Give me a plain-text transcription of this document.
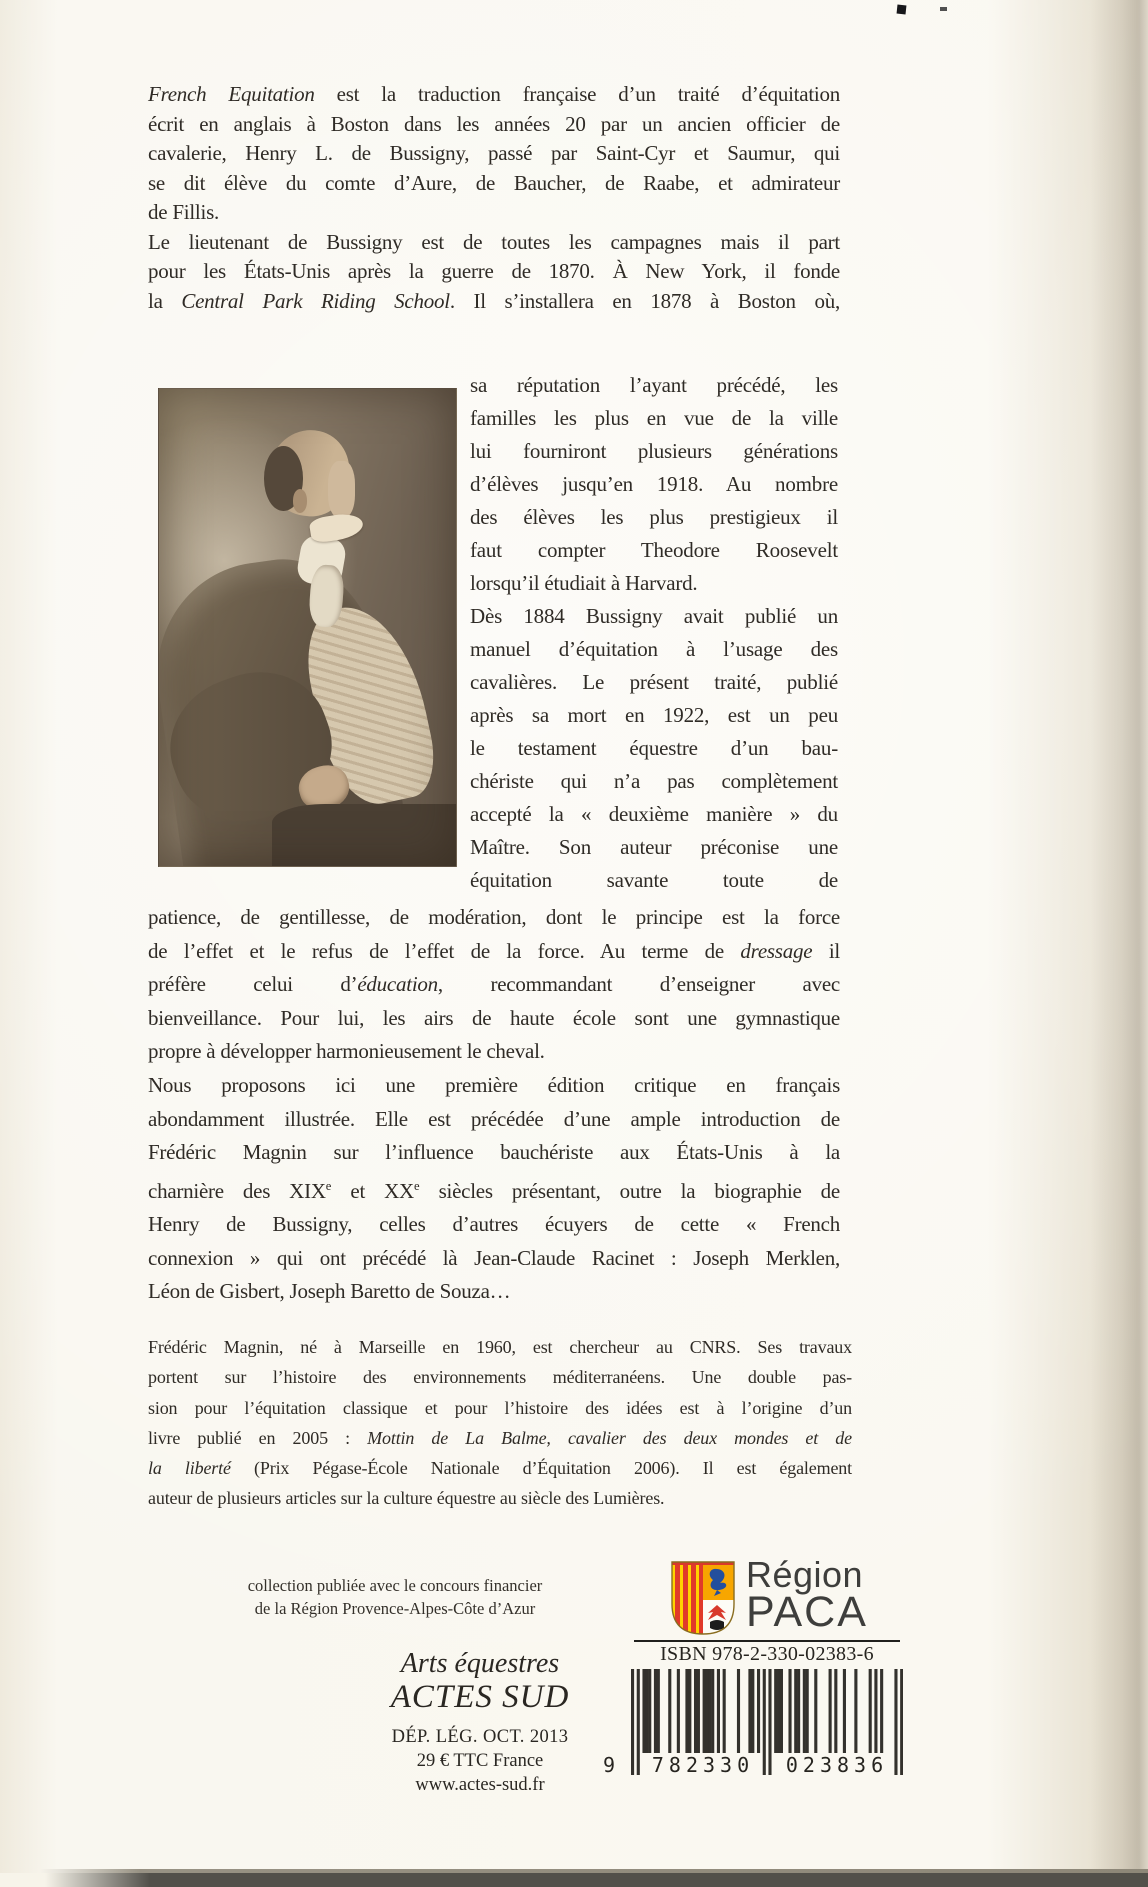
French Equitation est la traduction française d’un traité d’équitation
écrit en anglais à Boston dans les années 20 par un ancien officier de
cavalerie, Henry L. de Bussigny, passé par Saint-Cyr et Saumur, qui
se dit élève du comte d’Aure, de Baucher, de Raabe, et admirateur
de Fillis.
Le lieutenant de Bussigny est de toutes les campagnes mais il part
pour les États-Unis après la guerre de 1870. À New York, il fonde
la Central Park Riding School. Il s’installera en 1878 à Boston où,
sa réputation l’ayant précédé, les
familles les plus en vue de la ville
lui fourniront plusieurs générations
d’élèves jusqu’en 1918. Au nombre
des élèves les plus prestigieux il
faut compter Theodore Roosevelt
lorsqu’il étudiait à Harvard.
Dès 1884 Bussigny avait publié un
manuel d’équitation à l’usage des
cavalières. Le présent traité, publié
après sa mort en 1922, est un peu
le testament équestre d’un bau-
chériste qui n’a pas complètement
accepté la « deuxième manière » du
Maître. Son auteur préconise une
équitation savante toute de
patience, de gentillesse, de modération, dont le principe est la force
de l’effet et le refus de l’effet de la force. Au terme de dressage il
préfère celui d’éducation, recommandant d’enseigner avec
bienveillance. Pour lui, les airs de haute école sont une gymnastique
propre à développer harmonieusement le cheval.
Nous proposons ici une première édition critique en français
abondamment illustrée. Elle est précédée d’une ample introduction de
Frédéric Magnin sur l’influence bauchériste aux États-Unis à la
charnière des XIXe et XXe siècles présentant, outre la biographie de
Henry de Bussigny, celles d’autres écuyers de cette « French
connexion » qui ont précédé là Jean-Claude Racinet : Joseph Merklen,
Léon de Gisbert, Joseph Baretto de Souza…
Frédéric Magnin, né à Marseille en 1960, est chercheur au CNRS. Ses travaux
portent sur l’histoire des environnements méditerranéens. Une double pas-
sion pour l’équitation classique et pour l’histoire des idées est à l’origine d’un
livre publié en 2005 : Mottin de La Balme, cavalier des deux mondes et de
la liberté (Prix Pégase-École Nationale d’Équitation 2006). Il est également
auteur de plusieurs articles sur la culture équestre au siècle des Lumières.
collection publiée avec le concours financier
de la Région Provence-Alpes-Côte d’Azur
Région
PACA
ISBN 978-2-330-02383-6
9	782330	023836
Arts équestres
ACTES SUD
DÉP. LÉG. OCT. 2013
29 € TTC France
www.actes-sud.fr
